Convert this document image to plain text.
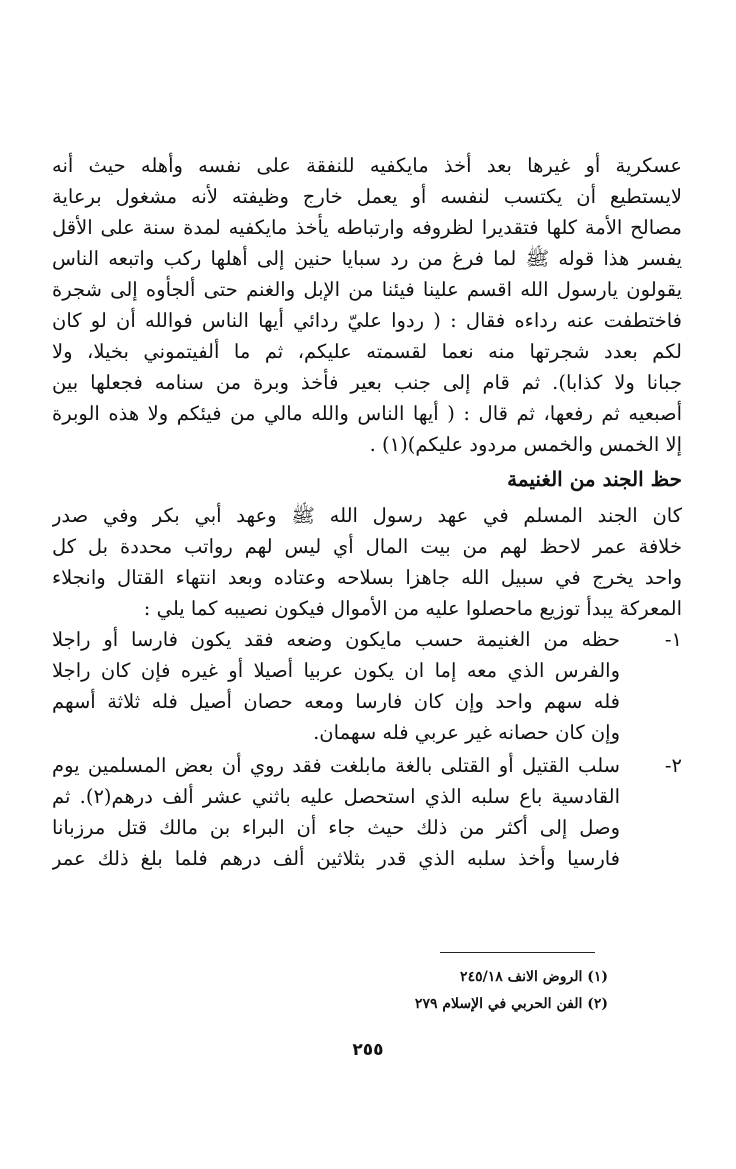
عسكرية أو غيرها بعد أخذ مايكفيه للنفقة على نفسه وأهله حيث أنه
لايستطيع أن يكتسب لنفسه أو يعمل خارج وظيفته لأنه مشغول برعاية
مصالح الأمة كلها فتقديرا لظروفه وارتباطه يأخذ مايكفيه لمدة سنة على الأقل
يفسر هذا قوله ﷺ لما فرغ من رد سبايا حنين إلى أهلها ركب واتبعه الناس
يقولون يارسول الله اقسم علينا فيئنا من الإبل والغنم حتى ألجأوه إلى شجرة
فاختطفت عنه رداءه فقال : ( ردوا عليّ ردائي أيها الناس فوالله أن لو كان
لكم بعدد شجرتها منه نعما لقسمته عليكم، ثم ما ألفيتموني بخيلا، ولا
جبانا ولا كذابا). ثم قام إلى جنب بعير فأخذ وبرة من سنامه فجعلها بين
أصبعيه ثم رفعها، ثم قال : ( أيها الناس والله مالي من فيئكم ولا هذه الوبرة
إلا الخمس والخمس مردود عليكم)(١) .
حظ الجند من الغنيمة
كان الجند المسلم في عهد رسول الله ﷺ وعهد أبي بكر وفي صدر
خلافة عمر لاحظ لهم من بيت المال أي ليس لهم رواتب محددة بل كل
واحد يخرج في سبيل الله جاهزا بسلاحه وعتاده وبعد انتهاء القتال وانجلاء
المعركة يبدأ توزيع ماحصلوا عليه من الأموال فيكون نصيبه كما يلي :
١-
حظه من الغنيمة حسب مايكون وضعه فقد يكون فارسا أو راجلا
والفرس الذي معه إما ان يكون عربيا أصيلا أو غيره فإن كان راجلا
فله سهم واحد وإن كان فارسا ومعه حصان أصيل فله ثلاثة أسهم
وإن كان حصانه غير عربي فله سهمان.
٢-
سلب القتيل أو القتلى بالغة مابلغت فقد روي أن بعض المسلمين يوم
القادسية باع سلبه الذي استحصل عليه باثني عشر ألف درهم(٢). ثم
وصل إلى أكثر من ذلك حيث جاء أن البراء بن مالك قتل مرزبانا
فارسيا وأخذ سلبه الذي قدر بثلاثين ألف درهم فلما بلغ ذلك عمر
(١) الروض الانف ٢٤٥/١٨
(٢) الفن الحربي في الإسلام ٢٧٩
٢٥٥
